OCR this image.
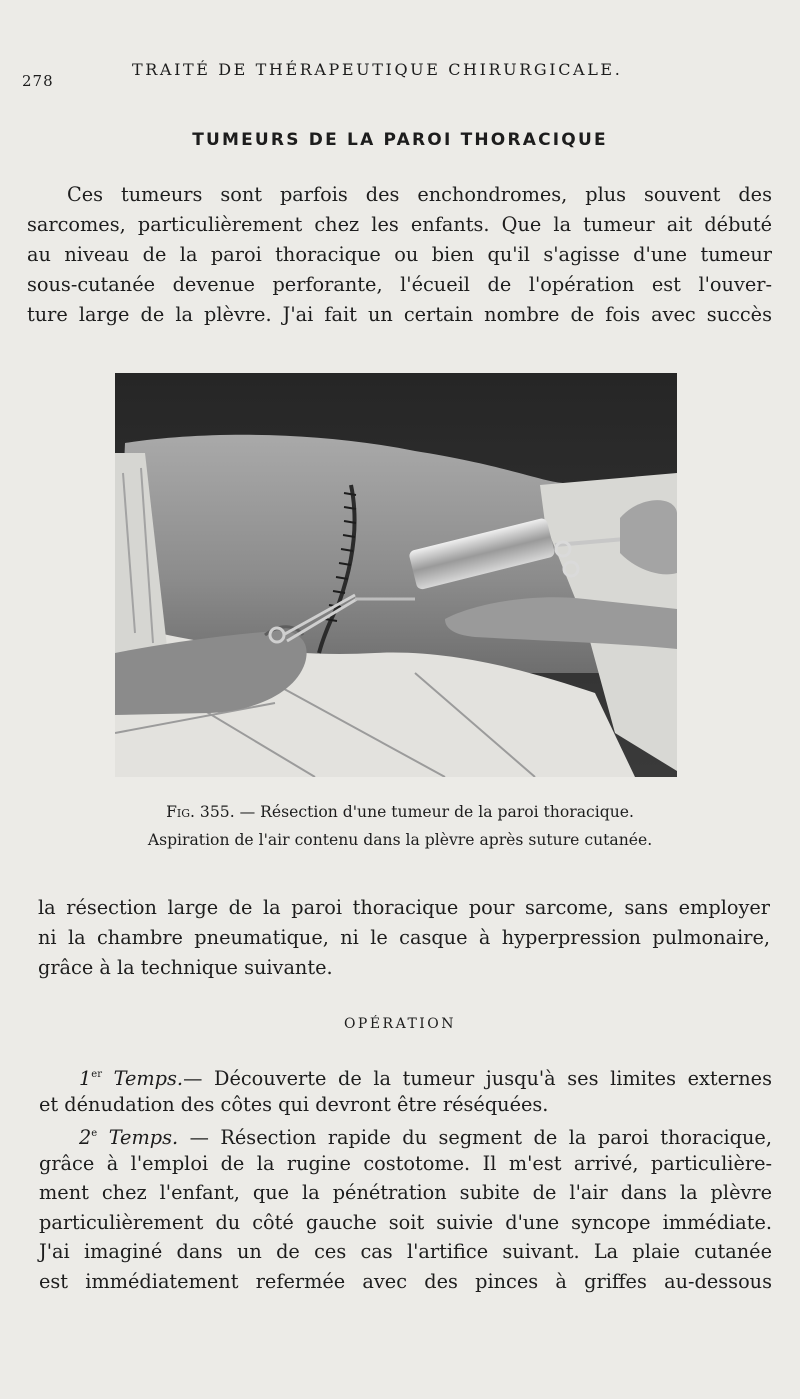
278
TRAITÉ DE THÉRAPEUTIQUE CHIRURGICALE.
TUMEURS DE LA PAROI THORACIQUE
Ces tumeurs sont parfois des enchondromes, plus souvent des
sarcomes, particulièrement chez les enfants. Que la tumeur ait débuté
au niveau de la paroi thoracique ou bien qu'il s'agisse d'une tumeur
sous-cutanée devenue perforante, l'écueil de l'opération est l'ouver-
ture large de la plèvre. J'ai fait un certain nombre de fois avec succès
Fig. 355. — Résection d'une tumeur de la paroi thoracique.
Aspiration de l'air contenu dans la plèvre après suture cutanée.
la résection large de la paroi thoracique pour sarcome, sans employer
ni la chambre pneumatique, ni le casque à hyperpression pulmonaire,
grâce à la technique suivante.
OPÉRATION
1er Temps.— Découverte de la tumeur jusqu'à ses limites externes
et dénudation des côtes qui devront être réséquées.
2e Temps. — Résection rapide du segment de la paroi thoracique,
grâce à l'emploi de la rugine costotome. Il m'est arrivé, particulière-
ment chez l'enfant, que la pénétration subite de l'air dans la plèvre
particulièrement du côté gauche soit suivie d'une syncope immédiate.
J'ai imaginé dans un de ces cas l'artifice suivant. La plaie cutanée
est immédiatement refermée avec des pinces à griffes au-dessous
